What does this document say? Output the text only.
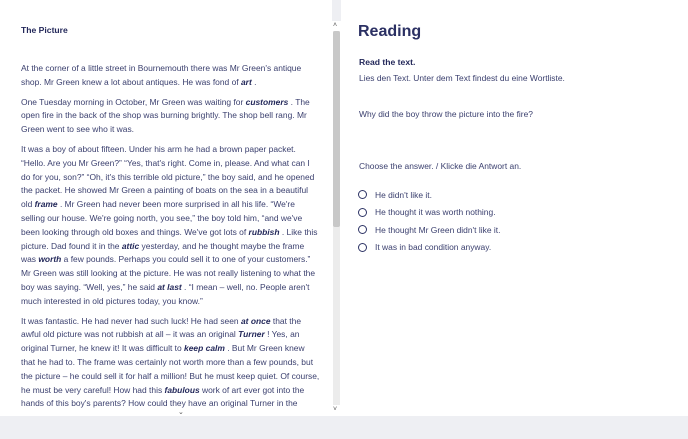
The Picture

At the corner of a little street in Bournemouth there was Mr Green's antique shop. Mr Green knew a lot about antiques. He was fond of art .

One Tuesday morning in October, Mr Green was waiting for customers . The open fire in the back of the shop was burning brightly. The shop bell rang. Mr Green went to see who it was.

It was a boy of about fifteen. Under his arm he had a brown paper packet. “Hello. Are you Mr Green?” “Yes, that's right. Come in, please. And what can I do for you, son?” “Oh, it's this terrible old picture,” the boy said, and he opened the packet. He showed Mr Green a painting of boats on the sea in a beautiful old frame . Mr Green had never been more surprised in all his life. “We're selling our house. We're going north, you see,” the boy told him, “and we've been looking through old boxes and things. We've got lots of rubbish . Like this picture. Dad found it in the attic yesterday, and he thought maybe the frame was worth a few pounds. Perhaps you could sell it to one of your customers.” Mr Green was still looking at the picture. He was not really listening to what the boy was saying. “Well, yes,” he said at last . “I mean – well, no. People aren't much interested in old pictures today, you know.”

It was fantastic. He had never had such luck! He had seen at once that the awful old picture was not rubbish at all – it was an original Turner ! Yes, an original Turner, he knew it! It was difficult to keep calm . But Mr Green knew that he had to. The frame was certainly not worth more than a few pounds, but the picture – he could sell it for half a million! But he must keep quiet. Of course, he must be very careful! How had this fabulous work of art ever got into the hands of this boy's parents? How could they have an original Turner in the

⌄
˄
˅
Reading
Read the text.
Lies den Text. Unter dem Text findest du eine Wortliste.
Why did the boy throw the picture into the fire?
Choose the answer. / Klicke die Antwort an.
He didn't like it.
He thought it was worth nothing.
He thought Mr Green didn't like it.
It was in bad condition anyway.
